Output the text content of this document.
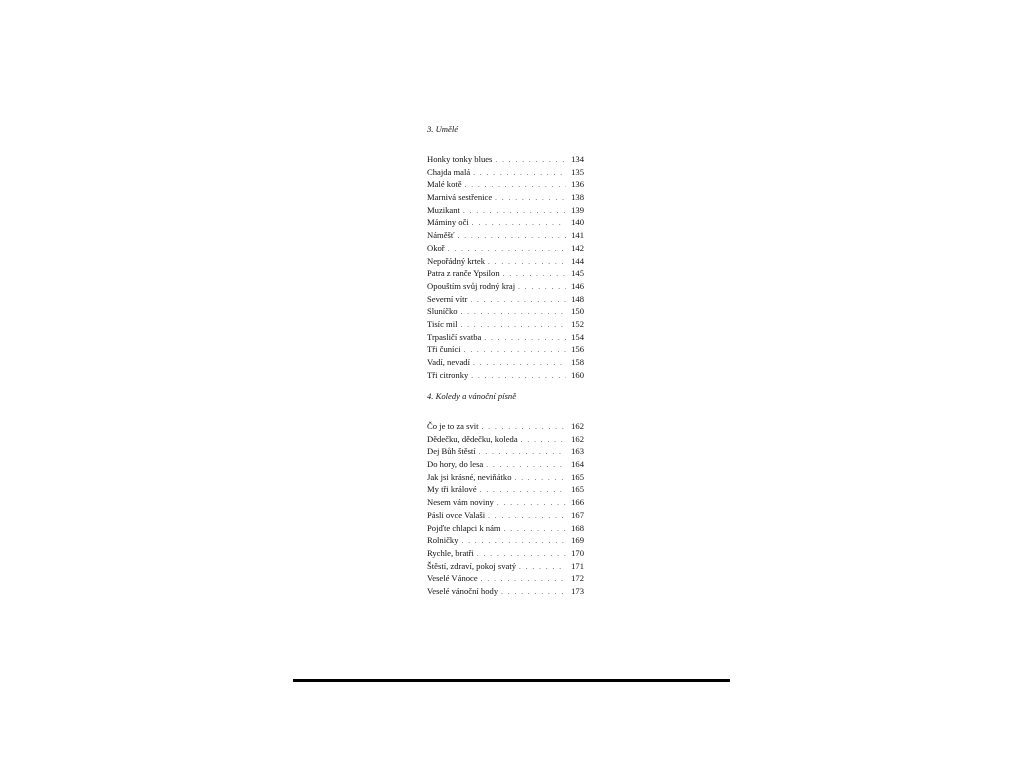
3. Umělé
Honky tonky blues . . .	134
Chajda malá . . .	135
Malé kotě . . .	136
Marnivá sestřenice . . .	138
Muzikant . . .	139
Máminy oči . . .	140
Náměšť . . .	141
Okoř . . .	142
Nepořádný krtek . . .	144
Patra z ranče Ypsilon . . .	145
Opouštím svůj rodný kraj . . .	146
Severní vítr . . .	148
Sluníčko . . .	150
Tisíc mil . . .	152
Trpasličí svatba . . .	154
Tři čuníci . . .	156
Vadí, nevadí . . .	158
Tři citronky . . .	160
4. Koledy a vánoční písně
Čo je to za svit . . .	162
Dědečku, dědečku, koleda . . .	162
Dej Bůh štěstí . . .	163
Do hory, do lesa . . .	164
Jak jsi krásné, neviňátko . . .	165
My tři králové . . .	165
Nesem vám noviny . . .	166
Pásli ovce Valaši . . .	167
Pojďte chlapci k nám . . .	168
Rolničky . . .	169
Rychle, bratři . . .	170
Štěstí, zdraví, pokoj svatý . . .	171
Veselé Vánoce . . .	172
Veselé vánoční hody . . .	173
